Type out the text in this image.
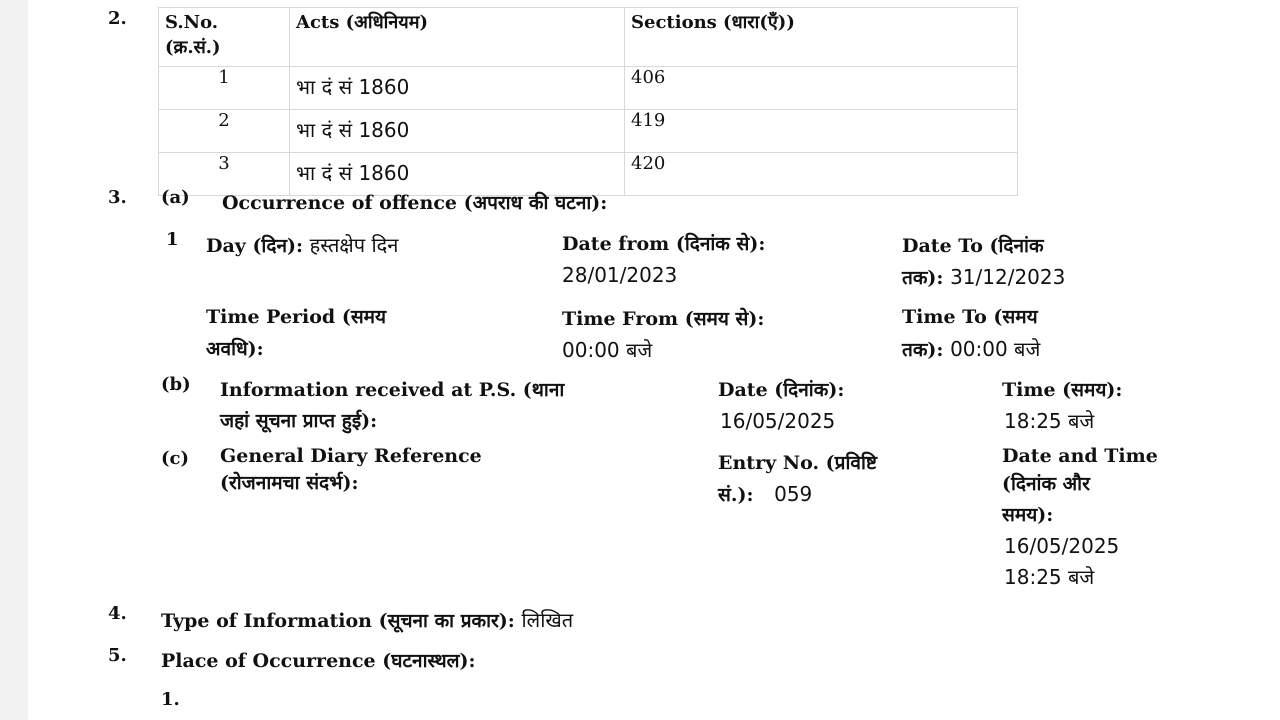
2. S.No.
(क्र.सं.)	Acts (अधिनियम)	Sections (धारा(एँ))
1	भा दं सं 1860	406
2	भा दं सं 1860	419
3	भा दं सं 1860	420
3. (a) Occurrence of offence (अपराध की घटना):
1 Day (दिन): हस्तक्षेप दिन	Date from (दिनांक से):
28/01/2023
Date To (दिनांक
तक): 31/12/2023
Time Period (समय
अवधि):
Time From (समय से):
00:00 बजे
Time To (समय
तक): 00:00 बजे
(b) Information received at P.S. (थाना
जहां सूचना प्राप्त हुई):
Date (दिनांक):
16/05/2025
Time (समय):
18:25 बजे
(c) General Diary Reference
(रोजनामचा संदर्भ):
Entry No. (प्रविष्टि
सं.): 059
Date and Time
(दिनांक और
समय):
16/05/2025
18:25 बजे
4. Type of Information (सूचना का प्रकार): लिखित
5. Place of Occurrence (घटनास्थल):
1.
